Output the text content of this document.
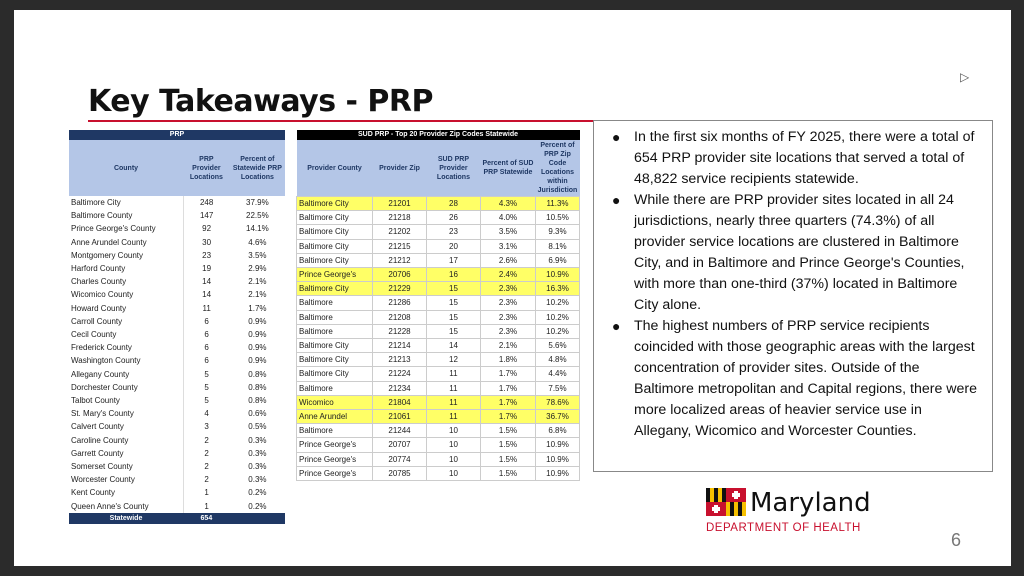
Key Takeaways - PRP
▷
PRP		
County	PRP Provider Locations	Percent of Statewide PRP Locations
Baltimore City	248	37.9%
Baltimore County	147	22.5%
Prince George's County	92	14.1%
Anne Arundel County	30	4.6%
Montgomery County	23	3.5%
Harford County	19	2.9%
Charles County	14	2.1%
Wicomico County	14	2.1%
Howard County	11	1.7%
Carroll County	6	0.9%
Cecil County	6	0.9%
Frederick County	6	0.9%
Washington County	6	0.9%
Allegany County	5	0.8%
Dorchester County	5	0.8%
Talbot County	5	0.8%
St. Mary's County	4	0.6%
Calvert County	3	0.5%
Caroline County	2	0.3%
Garrett County	2	0.3%
Somerset County	2	0.3%
Worcester County	2	0.3%
Kent County	1	0.2%
Queen Anne's County	1	0.2%
Statewide	654	
SUD PRP - Top 20 Provider Zip Codes Statewide				
Provider County	Provider Zip	SUD PRP Provider Locations	Percent of SUD PRP Statewide	Percent of PRP Zip Code Locations within Jurisdiction
Baltimore City	21201	28	4.3%	11.3%
Baltimore City	21218	26	4.0%	10.5%
Baltimore City	21202	23	3.5%	9.3%
Baltimore City	21215	20	3.1%	8.1%
Baltimore City	21212	17	2.6%	6.9%
Prince George's	20706	16	2.4%	10.9%
Baltimore City	21229	15	2.3%	16.3%
Baltimore	21286	15	2.3%	10.2%
Baltimore	21208	15	2.3%	10.2%
Baltimore	21228	15	2.3%	10.2%
Baltimore City	21214	14	2.1%	5.6%
Baltimore City	21213	12	1.8%	4.8%
Baltimore City	21224	11	1.7%	4.4%
Baltimore	21234	11	1.7%	7.5%
Wicomico	21804	11	1.7%	78.6%
Anne Arundel	21061	11	1.7%	36.7%
Baltimore	21244	10	1.5%	6.8%
Prince George's	20707	10	1.5%	10.9%
Prince George's	20774	10	1.5%	10.9%
Prince George's	20785	10	1.5%	10.9%
● In the first six months of FY 2025, there were a total of 654 PRP provider site locations that served a total of 48,822 service recipients statewide.
● While there are PRP provider sites located in all 24 jurisdictions, nearly three quarters (74.3%) of all provider service locations are clustered in Baltimore City, and in Baltimore and Prince George's Counties, with more than one-third (37%) located in Baltimore City alone.
● The highest numbers of PRP service recipients coincided with those geographic areas with the largest concentration of provider sites. Outside of the Baltimore metropolitan and Capital regions, there were more localized areas of heavier service use in Allegany, Wicomico and Worcester Counties.
Maryland
DEPARTMENT OF HEALTH
6
